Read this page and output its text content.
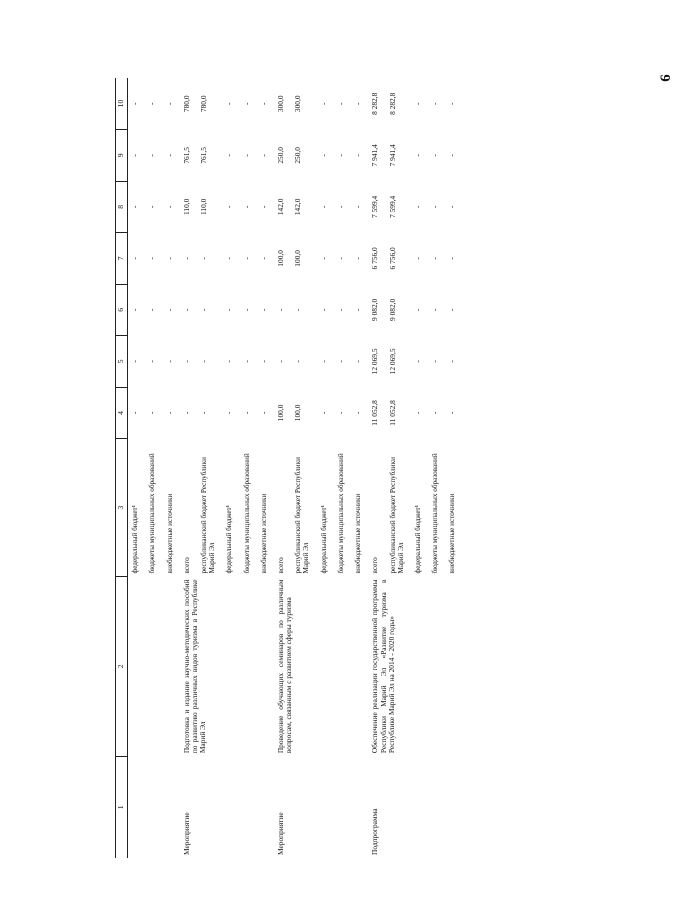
6
1	2	3	4	5	6	7	8	9	10
		федеральный бюджет¹	-	-	-	-	-	-	-
		бюджеты муниципальных образований	-	-	-	-	-	-	-
		внебюджетные источники	-	-	-	-	-	-	-
Мероприятие	Подготовка и издание научно-методических пособий по развитию различных видов туризма в Республике Марий Эл	всего	-	-	-	-	110,0	761,5	780,0
		республиканский бюджет Республики Марий Эл	-	-	-	-	110,0	761,5	780,0
		федеральный бюджет¹	-	-	-	-	-	-	-
		бюджеты муниципальных образований	-	-	-	-	-	-	-
		внебюджетные источники	-	-	-	-	-	-	-
Мероприятие	Проведение обучающих семинаров по различным вопросам, связанным с развитием сферы туризма	всего	100,0	-	-	100,0	142,0	250,0	300,0
		республиканский бюджет Республики Марий Эл	100,0	-	-	100,0	142,0	250,0	300,0
		федеральный бюджет¹	-	-	-	-	-	-	-
		бюджеты муниципальных образований	-	-	-	-	-	-	-
		внебюджетные источники	-	-	-	-	-	-	-
Подпрограмма	Обеспечение реализации государственной программы Республики Марий Эл «Развитие туризма в Республике Марий Эл на 2014 - 2020 годы»	всего	11 052,8	12 069,5	9 082,0	6 756,0	7 599,4	7 941,4	8 282,8
		республиканский бюджет Республики Марий Эл	11 052,8	12 069,5	9 082,0	6 756,0	7 599,4	7 941,4	8 282,8
		федеральный бюджет¹	-	-	-	-	-	-	-
		бюджеты муниципальных образований	-	-	-	-	-	-	-
		внебюджетные источники	-	-	-	-	-	-	-
